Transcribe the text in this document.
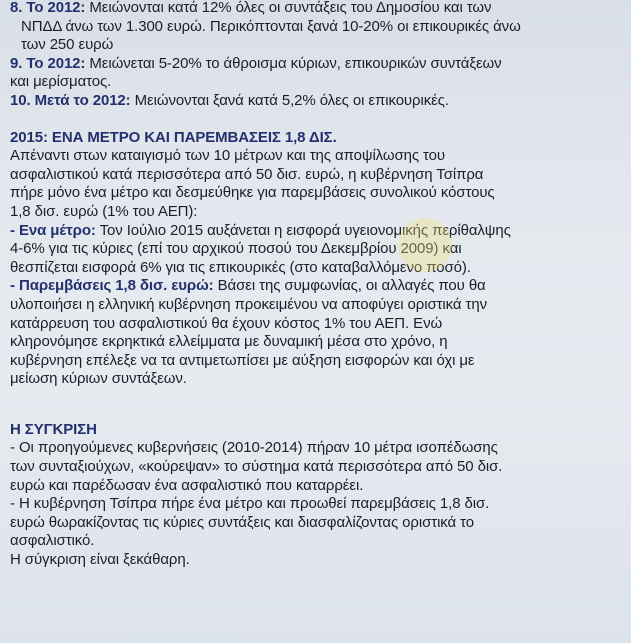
8. Το 2012: Μειώνονται κατά 12% όλες οι συντάξεις του Δημοσίου και των
ΝΠΔΔ άνω των 1.300 ευρώ. Περικόπτονται ξανά 10-20% οι επικουρικές άνω
των 250 ευρώ
9. Το 2012: Μειώνεται 5-20% το άθροισμα κύριων, επικουρικών συντάξεων
και μερίσματος.
10. Μετά το 2012: Μειώνονται ξανά κατά 5,2% όλες οι επικουρικές.
2015: ΕΝΑ ΜΕΤΡΟ ΚΑΙ ΠΑΡΕΜΒΑΣΕΙΣ 1,8 ΔΙΣ.
Απέναντι στων καταιγισμό των 10 μέτρων και της αποψίλωσης του
ασφαλιστικού κατά περισσότερα από 50 δισ. ευρώ, η κυβέρνηση Τσίπρα
πήρε μόνο ένα μέτρο και δεσμεύθηκε για παρεμβάσεις συνολικού κόστους
1,8 δισ. ευρώ (1% του ΑΕΠ):
- Ενα μέτρο: Τον Ιούλιο 2015 αυξάνεται η εισφορά υγειονομικής περίθαλψης
4-6% για τις κύριες (επί του αρχικού ποσού του Δεκεμβρίου 2009) και
θεσπίζεται εισφορά 6% για τις επικουρικές (στο καταβαλλόμενο ποσό).
- Παρεμβάσεις 1,8 δισ. ευρώ: Βάσει της συμφωνίας, οι αλλαγές που θα
υλοποιήσει η ελληνική κυβέρνηση προκειμένου να αποφύγει οριστικά την
κατάρρευση του ασφαλιστικού θα έχουν κόστος 1% του ΑΕΠ. Ενώ
κληρονόμησε εκρηκτικά ελλείμματα με δυναμική μέσα στο χρόνο, η
κυβέρνηση επέλεξε να τα αντιμετωπίσει με αύξηση εισφορών και όχι με
μείωση κύριων συντάξεων.
Η ΣΥΓΚΡΙΣΗ
- Οι προηγούμενες κυβερνήσεις (2010-2014) πήραν 10 μέτρα ισοπέδωσης
των συνταξιούχων, «κούρεψαν» το σύστημα κατά περισσότερα από 50 δισ.
ευρώ και παρέδωσαν ένα ασφαλιστικό που καταρρέει.
- Η κυβέρνηση Τσίπρα πήρε ένα μέτρο και προωθεί παρεμβάσεις 1,8 δισ.
ευρώ θωρακίζοντας τις κύριες συντάξεις και διασφαλίζοντας οριστικά το
ασφαλιστικό.
Η σύγκριση είναι ξεκάθαρη.
